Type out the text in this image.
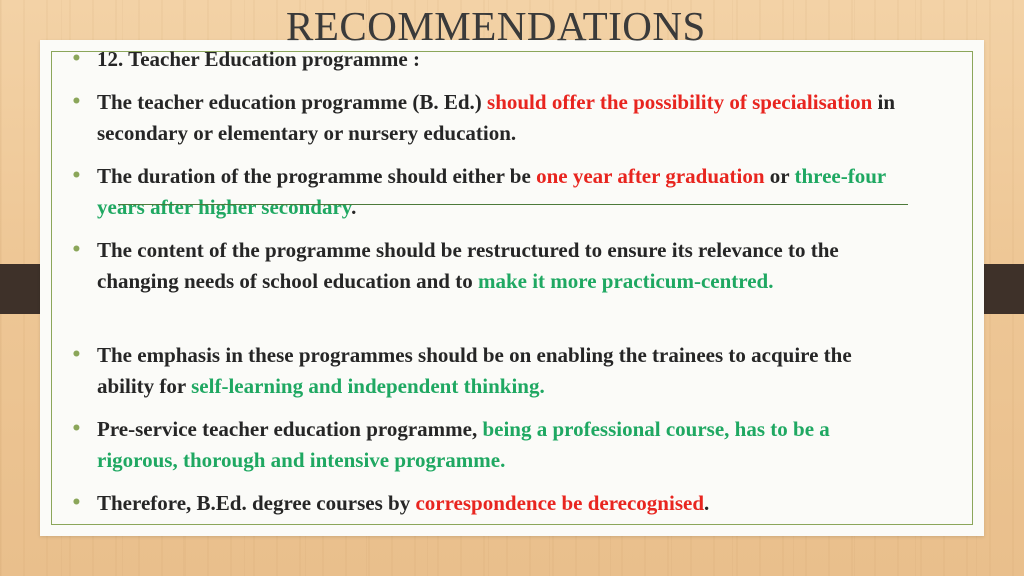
RECOMMENDATIONS
• 12. Teacher Education programme :
• The teacher education programme (B. Ed.) should offer the possibility of specialisation in secondary or elementary or nursery education.
• The duration of the programme should either be one year after graduation or three-four years after higher secondary.
• The content of the programme should be restructured to ensure its relevance to the changing needs of school education and to make it more practicum-centred.
• The emphasis in these programmes should be on enabling the trainees to acquire the ability for self-learning and independent thinking.
• Pre-service teacher education programme, being a professional course, has to be a rigorous, thorough and intensive programme.
• Therefore, B.Ed. degree courses by correspondence be derecognised.
